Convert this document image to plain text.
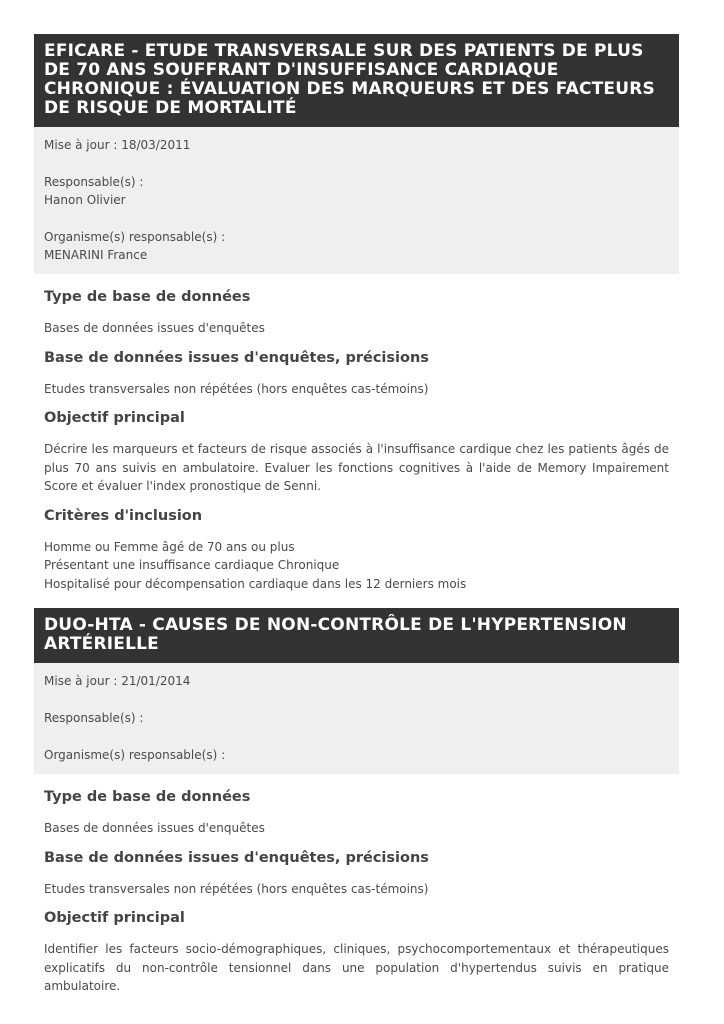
EFICARE - ETUDE TRANSVERSALE SUR DES PATIENTS DE PLUS DE 70 ANS SOUFFRANT D'INSUFFISANCE CARDIAQUE CHRONIQUE : ÉVALUATION DES MARQUEURS ET DES FACTEURS DE RISQUE DE MORTALITÉ

Mise à jour : 18/03/2011

Responsable(s) :

Hanon Olivier

Organisme(s) responsable(s) :

MENARINI France

Type de base de données

Bases de données issues d'enquêtes

Base de données issues d'enquêtes, précisions

Etudes transversales non répétées (hors enquêtes cas-témoins)

Objectif principal

Décrire les marqueurs et facteurs de risque associés à l'insuffisance cardique chez les patients âgés de plus 70 ans suivis en ambulatoire. Evaluer les fonctions cognitives à l'aide de Memory Impairement Score et évaluer l'index pronostique de Senni.

Critères d'inclusion

Homme ou Femme âgé de 70 ans ou plus

Présentant une insuffisance cardiaque Chronique

Hospitalisé pour décompensation cardiaque dans les 12 derniers mois

DUO-HTA - CAUSES DE NON-CONTRÔLE DE L'HYPERTENSION ARTÉRIELLE

Mise à jour : 21/01/2014

Responsable(s) :

Organisme(s) responsable(s) :

Type de base de données

Bases de données issues d'enquêtes

Base de données issues d'enquêtes, précisions

Etudes transversales non répétées (hors enquêtes cas-témoins)

Objectif principal

Identifier les facteurs socio-démographiques, cliniques, psychocomportementaux et thérapeutiques explicatifs du non-contrôle tensionnel dans une population d'hypertendus suivis en pratique ambulatoire.
